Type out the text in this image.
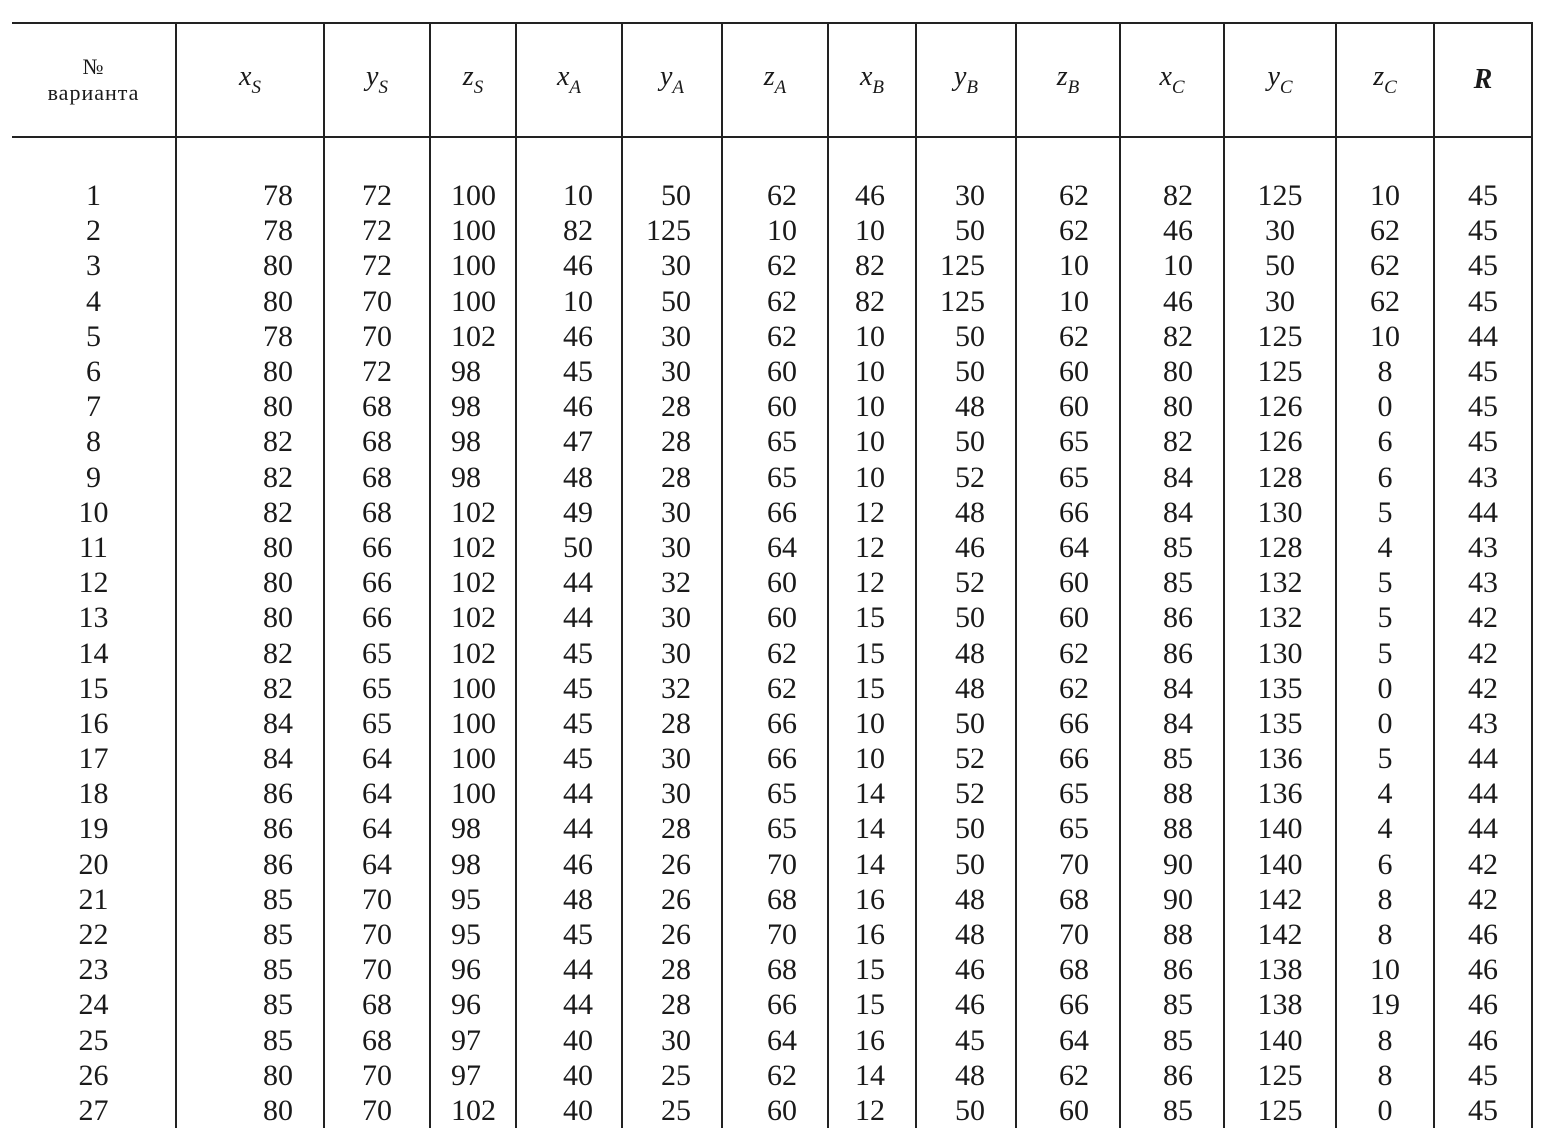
№
варианта	$x_S$	$y_S$	$z_S$	$x_A$	$y_A$	$z_A$	$x_B$	$y_B$	$z_B$	$x_C$	$y_C$	$z_C$	R
1	78	72	100	10	50	62	46	30	62	82	125	10	45
2	78	72	100	82	125	10	10	50	62	46	30	62	45
3	80	72	100	46	30	62	82	125	10	10	50	62	45
4	80	70	100	10	50	62	82	125	10	46	30	62	45
5	78	70	102	46	30	62	10	50	62	82	125	10	44
6	80	72	98	45	30	60	10	50	60	80	125	8	45
7	80	68	98	46	28	60	10	48	60	80	126	0	45
8	82	68	98	47	28	65	10	50	65	82	126	6	45
9	82	68	98	48	28	65	10	52	65	84	128	6	43
10	82	68	102	49	30	66	12	48	66	84	130	5	44
11	80	66	102	50	30	64	12	46	64	85	128	4	43
12	80	66	102	44	32	60	12	52	60	85	132	5	43
13	80	66	102	44	30	60	15	50	60	86	132	5	42
14	82	65	102	45	30	62	15	48	62	86	130	5	42
15	82	65	100	45	32	62	15	48	62	84	135	0	42
16	84	65	100	45	28	66	10	50	66	84	135	0	43
17	84	64	100	45	30	66	10	52	66	85	136	5	44
18	86	64	100	44	30	65	14	52	65	88	136	4	44
19	86	64	98	44	28	65	14	50	65	88	140	4	44
20	86	64	98	46	26	70	14	50	70	90	140	6	42
21	85	70	95	48	26	68	16	48	68	90	142	8	42
22	85	70	95	45	26	70	16	48	70	88	142	8	46
23	85	70	96	44	28	68	15	46	68	86	138	10	46
24	85	68	96	44	28	66	15	46	66	85	138	19	46
25	85	68	97	40	30	64	16	45	64	85	140	8	46
26	80	70	97	40	25	62	14	48	62	86	125	8	45
27	80	70	102	40	25	60	12	50	60	85	125	0	45
